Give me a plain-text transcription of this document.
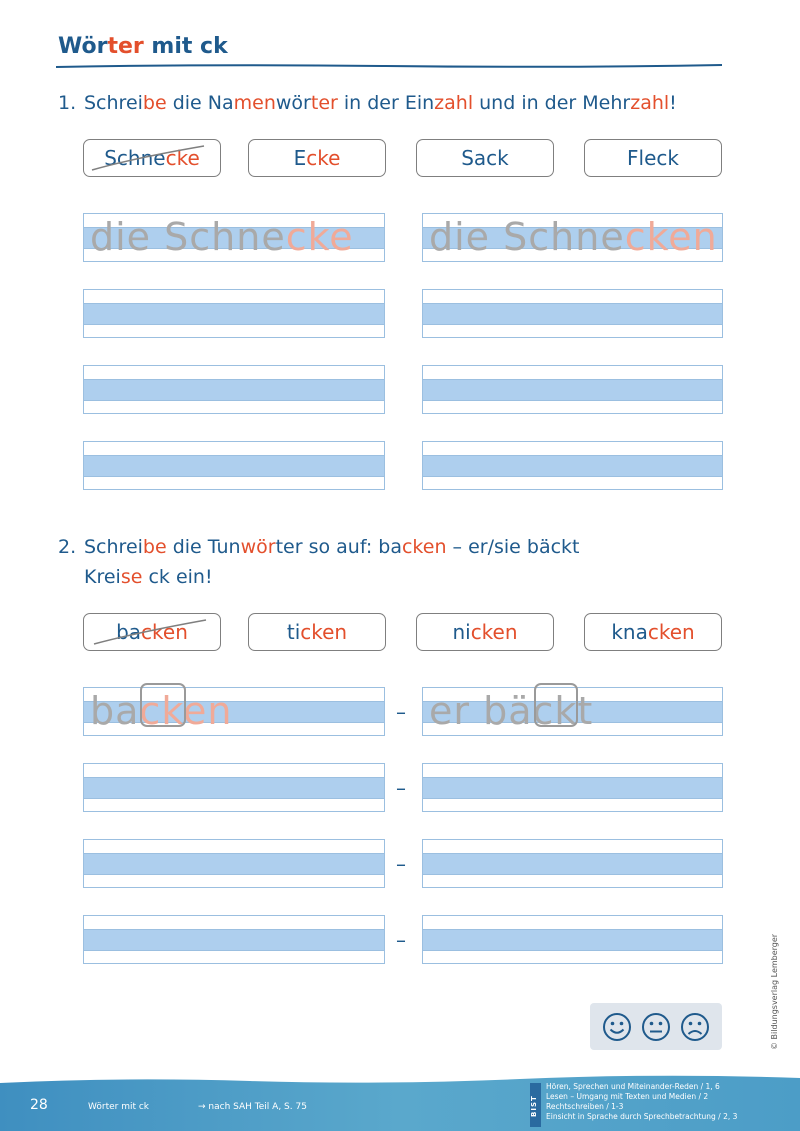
Wörter mit ck
1. Schreibe die Namenwörter in der Einzahl und in der Mehrzahl!
Schne cke	E cke	Sack	Fleck
die Schnecke die Schnecken
2. Schreibe die Tunwörter so auf: backen – er/sie bäckt
Kreise ck ein!
ba cken	ti cken	ni cken	kna cken
backen	– er bäckt
–
–
–	© Bildungsverlag Lemberger
28	Wörter mit ck	→ nach SAH Teil A, S. 75	BIST
Hören, Sprechen und Miteinander-Reden / 1, 6
Lesen – Umgang mit Texten und Medien / 2
Rechtschreiben / 1-3
Einsicht in Sprache durch Sprechbetrachtung / 2, 3
